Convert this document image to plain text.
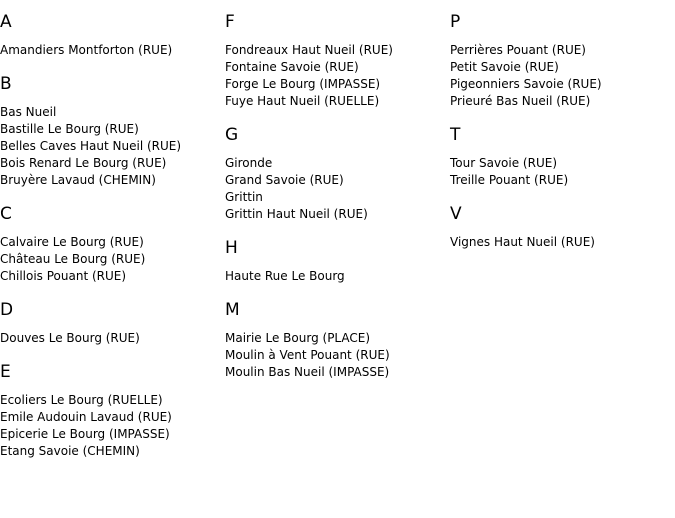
A
Amandiers Montforton (RUE)
B
Bas Nueil
Bastille Le Bourg (RUE)
Belles Caves Haut Nueil (RUE)
Bois Renard Le Bourg (RUE)
Bruyère Lavaud (CHEMIN)
C
Calvaire Le Bourg (RUE)
Château Le Bourg (RUE)
Chillois Pouant (RUE)
D
Douves Le Bourg (RUE)
E
Ecoliers Le Bourg (RUELLE)
Emile Audouin Lavaud (RUE)
Epicerie Le Bourg (IMPASSE)
Etang Savoie (CHEMIN)
F
Fondreaux Haut Nueil (RUE)
Fontaine Savoie (RUE)
Forge Le Bourg (IMPASSE)
Fuye Haut Nueil (RUELLE)
G
Gironde
Grand Savoie (RUE)
Grittin
Grittin Haut Nueil (RUE)
H
Haute Rue Le Bourg
M
Mairie Le Bourg (PLACE)
Moulin à Vent Pouant (RUE)
Moulin Bas Nueil (IMPASSE)
P
Perrières Pouant (RUE)
Petit Savoie (RUE)
Pigeonniers Savoie (RUE)
Prieuré Bas Nueil (RUE)
T
Tour Savoie (RUE)
Treille Pouant (RUE)
V
Vignes Haut Nueil (RUE)
